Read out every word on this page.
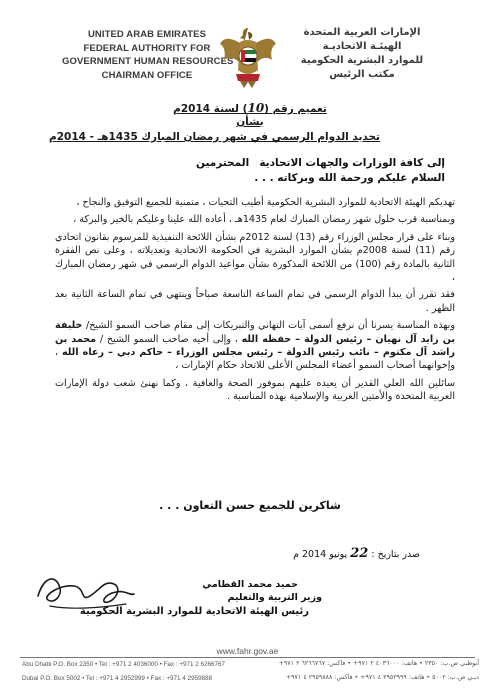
UNITED ARAB EMIRATES
FEDERAL AUTHORITY FOR
GOVERNMENT HUMAN RESOURCES
CHAIRMAN OFFICE
الإمارات العربية المتحدة
الهيئـة الاتحاديـة
للموارد البشرية الحكومية
مكتب الرئيس
تعميم رقم (10) لسنة 2014م
بشأن
تحديد الدوام الرسمي في شهر رمضان المبارك 1435هـ - 2014م
إلى كافة الوزارات والجهات الاتحادية
المحترمين
السلام عليكم ورحمة الله وبركاته . . .

تهديكم الهيئة الاتحادية للموارد البشرية الحكومية أطيب التحيات ، متمنية للجميع التوفيق والنجاح ،

وبمناسبة قرب حلول شهر رمضان المبارك لعام 1435هـ ، أعاده الله علينا وعليكم بالخير والبركة ،

وبناء على قرار مجلس الوزراء رقم (13) لسنة 2012م بشأن اللائحة التنفيذية للمرسوم بقانون اتحادي رقم (11) لسنة 2008م بشأن الموارد البشرية في الحكومة الاتحادية وتعديلاته ، وعلى نص الفقرة الثانية بالمادة رقم (100) من اللائحة المذكورة بشأن مواعيد الدوام الرسمي في شهر رمضان المبارك ،

فقد تقرر أن يبدأ الدوام الرسمي في تمام الساعة التاسعة صباحاً وينتهي في تمام الساعة الثانية بعد الظهر .

وبهذه المناسبة يسرنا أن نرفع أسمى آيات التهاني والتبريكات إلى مقام صاحب السمو الشيخ/ خليفة بن زايد آل نهيان – رئيس الدولة – حفظه الله ، وإلى أخيه صاحب السمو الشيخ / محمد بن راشد آل مكتوم – نائب رئيس الدولة – رئيس مجلس الوزراء – حاكم دبي – رعاه الله ، وإخوانهما أصحاب السمو أعضاء المجلس الأعلى للاتحاد حكام الإمارات ،

سائلين الله العلي القدير أن يعيده عليهم بموفور الصحة والعافية ، وكما نهنئ شعب دولة الإمارات العربية المتحدة والأمتين العربية والإسلامية بهذه المناسبة .

شاكرين للجميع حسن التعاون . . .
صدر بتاريخ : 22 يونيو 2014 م
حميد محمد القطامي
وزير التربية والتعليم
رئيس الهيئة الاتحادية للموارد البشرية الحكومية
www.fahr.gov.ae
Abu Dhabi P.O. Box 2350 • Tel : +971 2 4036000 • Fax : +971 2 6266767
Dubai P.O. Box 5002 • Tel : +971 4 2952999 • Fax : +971 4 2959888
أبوظبي ص.ب: ٢٣٥٠ • هاتف: ٤٠٣٦٠٠٠ ٢ ٩٧١+ • فاكس: ٦٢٦٦٧٦٧ ٢ ٩٧١+
دبـي ص.ب: ٥٠٠٢ • هاتف: ٢٩٥٢٩٩٩ ٤ ٩٧١+ • فاكس: ٢٩٥٩٨٨٨ ٤ ٩٧١+
